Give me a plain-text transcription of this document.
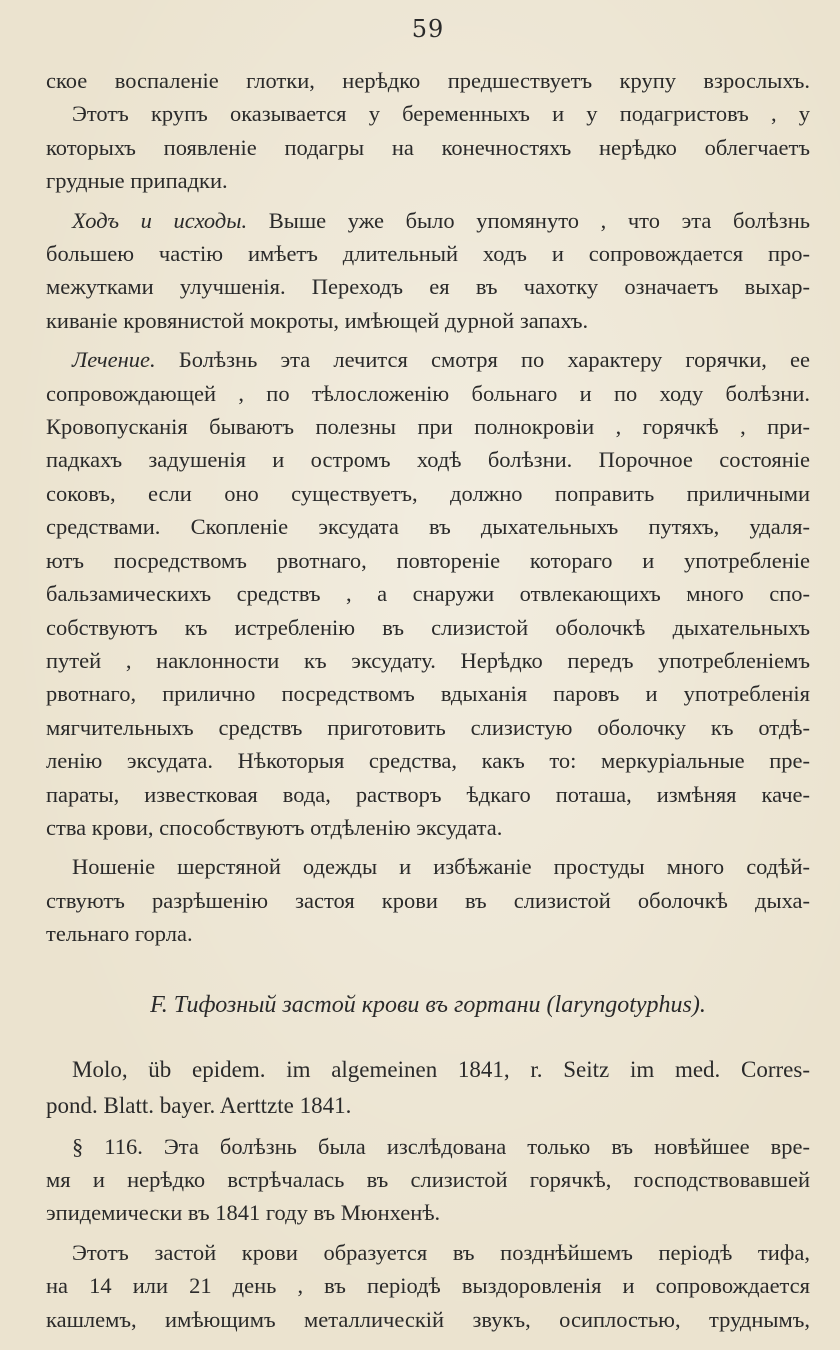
59
ское воспаленіе глотки, нерѣдко предшествуетъ крупу взрослыхъ.
Этотъ крупъ оказывается у беременныхъ и у подагристовъ , у
которыхъ появленіе подагры на конечностяхъ нерѣдко облегчаетъ
грудные припадки.
Ходъ и исходы. Выше уже было упомянуто , что эта болѣзнь
большею частію имѣетъ длительный ходъ и сопровождается про-
межутками улучшенія. Переходъ ея въ чахотку означаетъ выхар-
киваніе кровянистой мокроты, имѣющей дурной запахъ.
Лечение. Болѣзнь эта лечится смотря по характеру горячки, ее
сопровождающей , по тѣлосложенію больнаго и по ходу болѣзни.
Кровопусканія бываютъ полезны при полнокровіи , горячкѣ , при-
падкахъ задушенія и остромъ ходѣ болѣзни. Порочное состояніе
соковъ, если оно существуетъ, должно поправить приличными
средствами. Скопленіе эксудата въ дыхательныхъ путяхъ, удаля-
ютъ посредствомъ рвотнаго, повтореніе котораго и употребленіе
бальзамическихъ средствъ , а снаружи отвлекающихъ много спо-
собствуютъ къ истребленію въ слизистой оболочкѣ дыхательныхъ
путей , наклонности къ эксудату. Нерѣдко передъ употребленіемъ
рвотнаго, прилично посредствомъ вдыханія паровъ и употребленія
мягчительныхъ средствъ приготовить слизистую оболочку къ отдѣ-
ленію эксудата. Нѣкоторыя средства, какъ то: меркуріальные пре-
параты, известковая вода, растворъ ѣдкаго поташа, измѣняя каче-
ства крови, способствуютъ отдѣленію эксудата.
Ношеніе шерстяной одежды и избѣжаніе простуды много содѣй-
ствуютъ разрѣшенію застоя крови въ слизистой оболочкѣ дыха-
тельнаго горла.
F. Тифозный застой крови въ гортани (laryngotyphus).
Molo, üb epidem. im algemeinen 1841, r. Seitz im med. Corres-
pond. Blatt. bayer. Aerttzte 1841.
§ 116. Эта болѣзнь была изслѣдована только въ новѣйшее вре-
мя и нерѣдко встрѣчалась въ слизистой горячкѣ, господствовавшей
эпидемически въ 1841 году въ Мюнхенѣ.
Этотъ застой крови образуется въ позднѣйшемъ періодѣ тифа,
на 14 или 21 день , въ періодѣ выздоровленія и сопровождается
кашлемъ, имѣющимъ металлическій звукъ, осиплостью, труднымъ,
